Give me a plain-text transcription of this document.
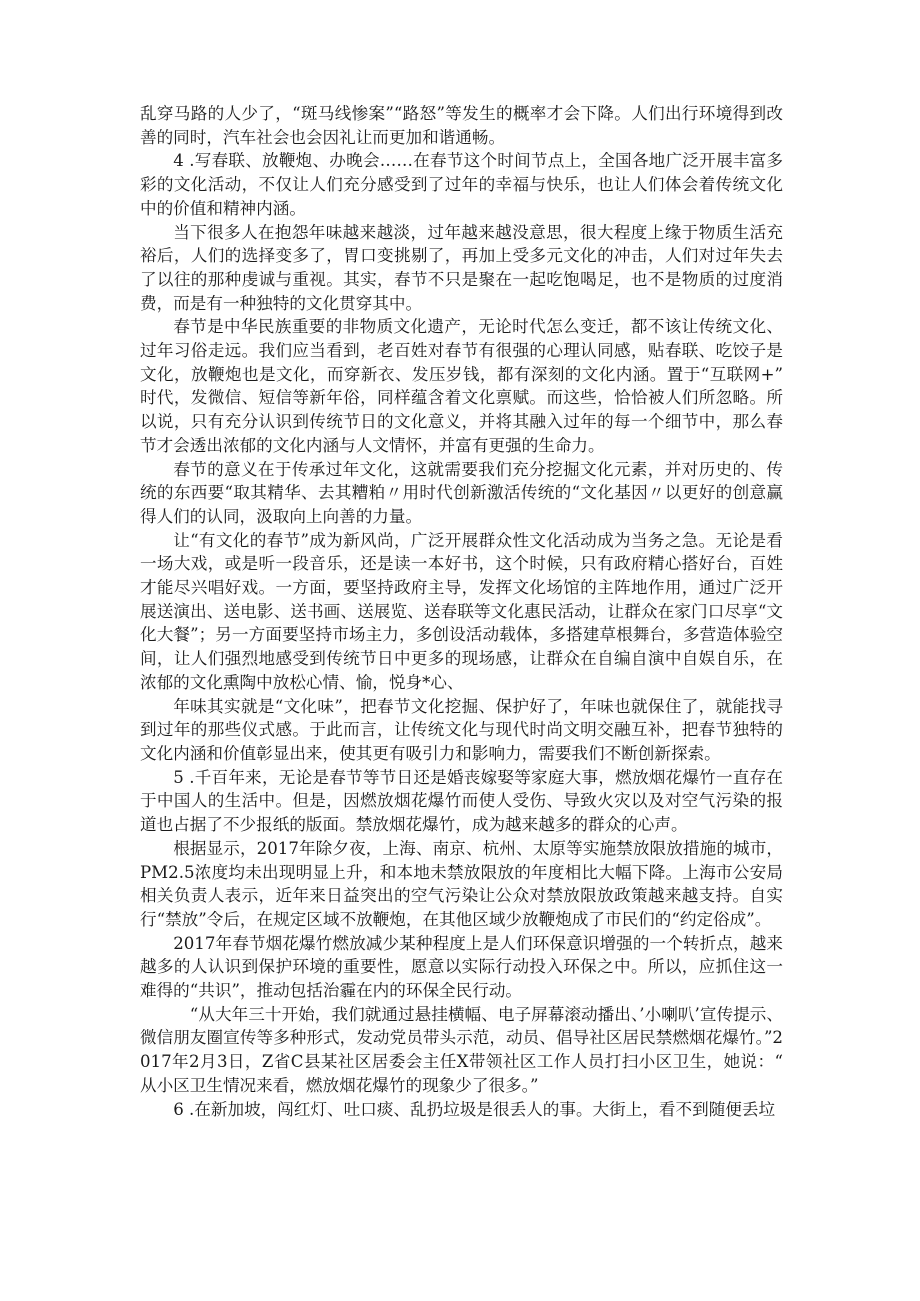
乱穿马路的人少了，“斑马线惨案”“路怒”等发生的概率才会下降。人们出行环境得到改善的同时，汽车社会也会因礼让而更加和谐通畅。

4 .写春联、放鞭炮、办晚会……在春节这个时间节点上，全国各地广泛开展丰富多彩的文化活动，不仅让人们充分感受到了过年的幸福与快乐，也让人们体会着传统文化中的价值和精神内涵。

当下很多人在抱怨年味越来越淡，过年越来越没意思，很大程度上缘于物质生活充裕后，人们的选择变多了，胃口变挑剔了，再加上受多元文化的冲击，人们对过年失去了以往的那种虔诚与重视。其实，春节不只是聚在一起吃饱喝足，也不是物质的过度消费，而是有一种独特的文化贯穿其中。

春节是中华民族重要的非物质文化遗产，无论时代怎么变迁，都不该让传统文化、过年习俗走远。我们应当看到，老百姓对春节有很强的心理认同感，贴春联、吃饺子是文化，放鞭炮也是文化，而穿新衣、发压岁钱，都有深刻的文化内涵。置于“互联网+”时代，发微信、短信等新年俗，同样蕴含着文化禀赋。而这些，恰恰被人们所忽略。所以说，只有充分认识到传统节日的文化意义，并将其融入过年的每一个细节中，那么春节才会透出浓郁的文化内涵与人文情怀，并富有更强的生命力。

春节的意义在于传承过年文化，这就需要我们充分挖掘文化元素，并对历史的、传统的东西要“取其精华、去其糟粕〃用时代创新激活传统的“文化基因〃以更好的创意赢得人们的认同，汲取向上向善的力量。

让“有文化的春节”成为新风尚，广泛开展群众性文化活动成为当务之急。无论是看一场大戏，或是听一段音乐，还是读一本好书，这个时候，只有政府精心搭好台，百姓才能尽兴唱好戏。一方面，要坚持政府主导，发挥文化场馆的主阵地作用，通过广泛开展送演出、送电影、送书画、送展览、送春联等文化惠民活动，让群众在家门口尽享“文化大餐”；另一方面要坚持市场主力，多创设活动载体，多搭建草根舞台，多营造体验空间，让人们强烈地感受到传统节日中更多的现场感，让群众在自编自演中自娱自乐，在浓郁的文化熏陶中放松心情、愉，悦身*心、

年味其实就是“文化味”，把春节文化挖掘、保护好了，年味也就保住了，就能找寻到过年的那些仪式感。于此而言，让传统文化与现代时尚文明交融互补，把春节独特的文化内涵和价值彰显出来，使其更有吸引力和影响力，需要我们不断创新探索。

5 .千百年来，无论是春节等节日还是婚丧嫁娶等家庭大事，燃放烟花爆竹一直存在于中国人的生活中。但是，因燃放烟花爆竹而使人受伤、导致火灾以及对空气污染的报道也占据了不少报纸的版面。禁放烟花爆竹，成为越来越多的群众的心声。

根据显示，2017年除夕夜，上海、南京、杭州、太原等实施禁放限放措施的城市，PM2.5浓度均未出现明显上升，和本地未禁放限放的年度相比大幅下降。上海市公安局相关负责人表示，近年来日益突出的空气污染让公众对禁放限放政策越来越支持。自实行“禁放”令后，在规定区域不放鞭炮，在其他区域少放鞭炮成了市民们的“约定俗成”。

2017年春节烟花爆竹燃放减少某种程度上是人们环保意识增强的一个转折点，越来越多的人认识到保护环境的重要性，愿意以实际行动投入环保之中。所以，应抓住这一难得的“共识”，推动包括治霾在内的环保全民行动。

“从大年三十开始，我们就通过悬挂横幅、电子屏幕滚动播出、’小喇叭’宣传提示、微信朋友圈宣传等多种形式，发动党员带头示范，动员、倡导社区居民禁燃烟花爆竹。”2017年2月3日，Z省C县某社区居委会主任X带领社区工作人员打扫小区卫生，她说：“从小区卫生情况来看，燃放烟花爆竹的现象少了很多。”

6 .在新加坡，闯红灯、吐口痰、乱扔垃圾是很丢人的事。大街上，看不到随便丢垃
